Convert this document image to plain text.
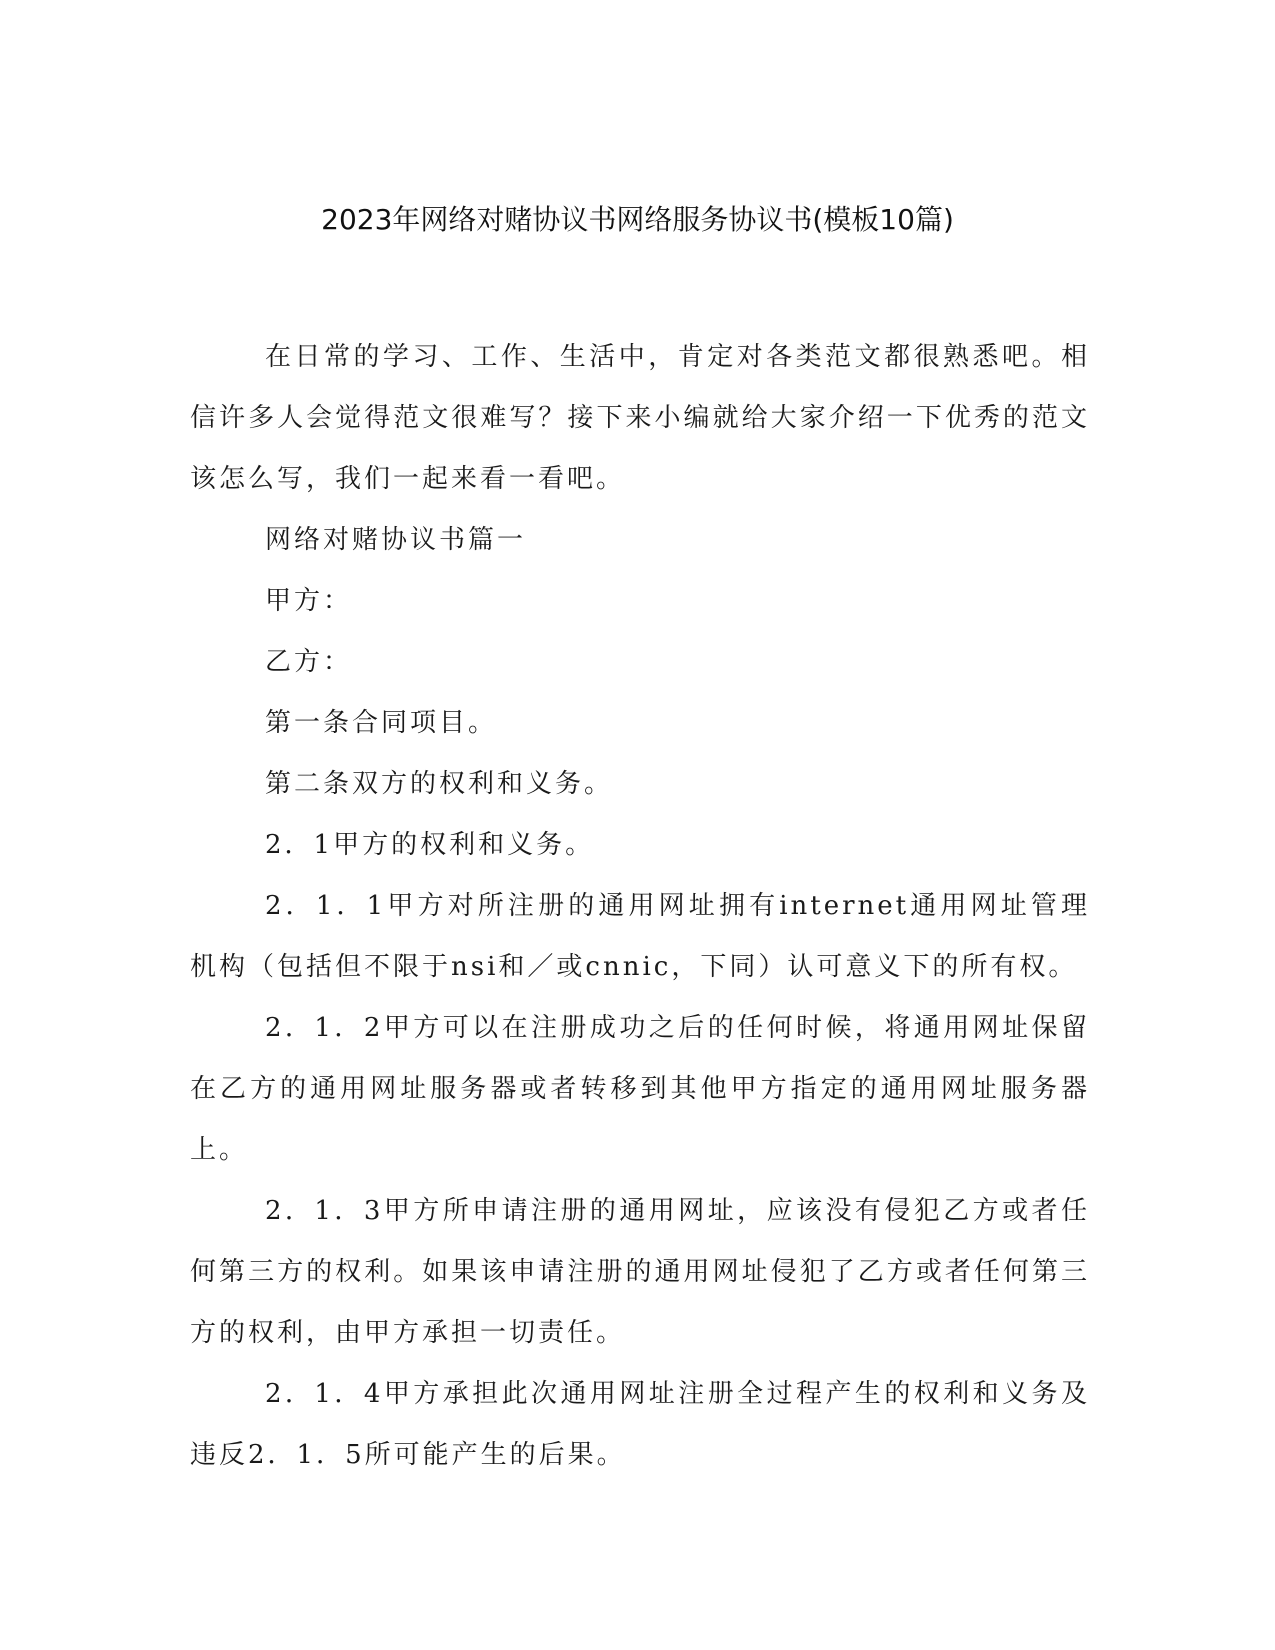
2023年网络对赌协议书网络服务协议书(模板10篇)

在日常的学习、工作、生活中，肯定对各类范文都很熟悉吧。相信许多人会觉得范文很难写？接下来小编就给大家介绍一下优秀的范文该怎么写，我们一起来看一看吧。

网络对赌协议书篇一

甲方：

乙方：

第一条合同项目。

第二条双方的权利和义务。

2．1甲方的权利和义务。

2．1．1甲方对所注册的通用网址拥有internet通用网址管理机构（包括但不限于nsi和／或cnnic，下同）认可意义下的所有权。

2．1．2甲方可以在注册成功之后的任何时候，将通用网址保留在乙方的通用网址服务器或者转移到其他甲方指定的通用网址服务器上。

2．1．3甲方所申请注册的通用网址，应该没有侵犯乙方或者任何第三方的权利。如果该申请注册的通用网址侵犯了乙方或者任何第三方的权利，由甲方承担一切责任。

2．1．4甲方承担此次通用网址注册全过程产生的权利和义务及违反2．1．5所可能产生的后果。
